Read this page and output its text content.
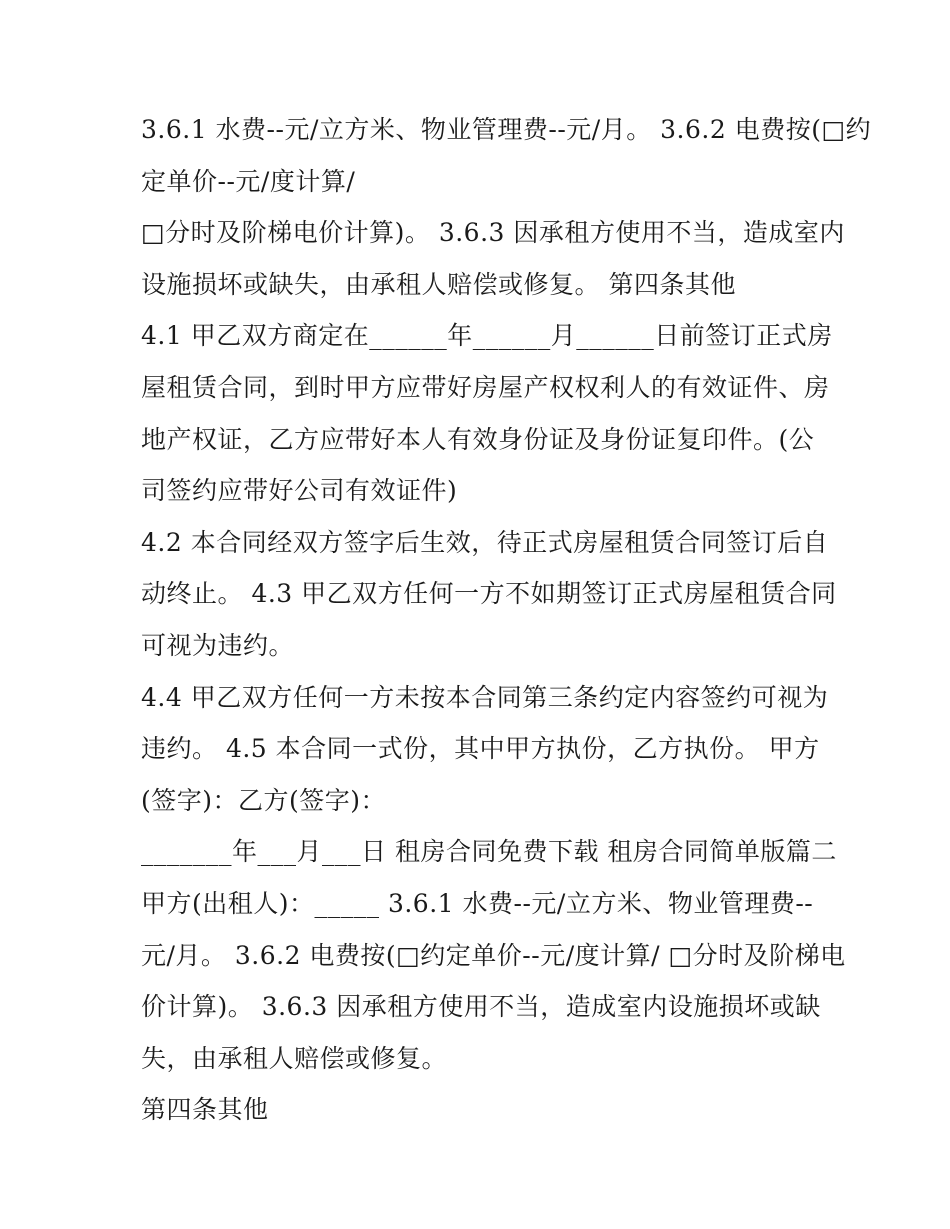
3.6.1 水费--元/立方米、物业管理费--元/月。 3.6.2 电费按(□约
定单价--元/度计算/
□分时及阶梯电价计算)。 3.6.3 因承租方使用不当，造成室内
设施损坏或缺失，由承租人赔偿或修复。 第四条其他
4.1 甲乙双方商定在______年______月______日前签订正式房
屋租赁合同，到时甲方应带好房屋产权权利人的有效证件、房
地产权证，乙方应带好本人有效身份证及身份证复印件。(公
司签约应带好公司有效证件)
4.2 本合同经双方签字后生效，待正式房屋租赁合同签订后自
动终止。 4.3 甲乙双方任何一方不如期签订正式房屋租赁合同
可视为违约。
4.4 甲乙双方任何一方未按本合同第三条约定内容签约可视为
违约。 4.5 本合同一式份，其中甲方执份，乙方执份。 甲方
(签字)：乙方(签字)：
_______年___月___日 租房合同免费下载 租房合同简单版篇二
甲方(出租人)：_____ 3.6.1 水费--元/立方米、物业管理费--
元/月。 3.6.2 电费按(□约定单价--元/度计算/ □分时及阶梯电
价计算)。 3.6.3 因承租方使用不当，造成室内设施损坏或缺
失，由承租人赔偿或修复。
第四条其他
